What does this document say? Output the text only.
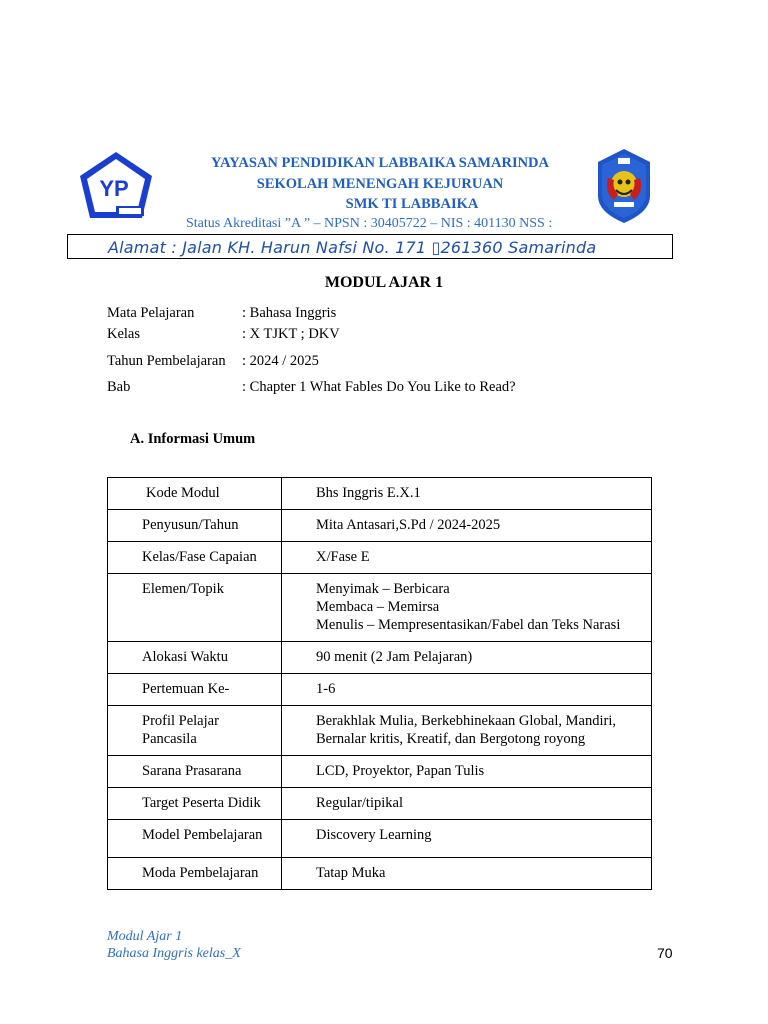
YP
YAYASAN PENDIDIKAN LABBAIKA SAMARINDA
SEKOLAH MENENGAH KEJURUAN
SMK TI LABBAIKA
Status Akreditasi ”A ” – NPSN : 30405722 – NIS : 401130 NSS :
Alamat : Jalan KH. Harun Nafsi No. 171 ▯261360 Samarinda
MODUL AJAR 1
Mata Pelajaran	: Bahasa Inggris
Kelas	: X TJKT ; DKV
Tahun Pembelajaran : 2024 / 2025
Bab	: Chapter 1 What Fables Do You Like to Read?
A. Informasi Umum
Kode Modul	Bhs Inggris E.X.1

Penyusun/Tahun	Mita Antasari,S.Pd / 2024-2025

Kelas/Fase Capaian	X/Fase E

Elemen/Topik	Menyimak – Berbicara
Membaca – Memirsa
Menulis – Mempresentasikan/Fabel dan Teks Narasi

Alokasi Waktu	90 menit (2 Jam Pelajaran)

Pertemuan Ke-	1-6

Profil Pelajar Pancasila	Berakhlak Mulia, Berkebhinekaan Global, Mandiri,
Bernalar kritis, Kreatif, dan Bergotong royong

Sarana Prasarana	LCD, Proyektor, Papan Tulis

Target Peserta Didik	Regular/tipikal

Model Pembelajaran	Discovery Learning

Moda Pembelajaran	Tatap Muka
Modul Ajar 1
Bahasa Inggris kelas_X	70
